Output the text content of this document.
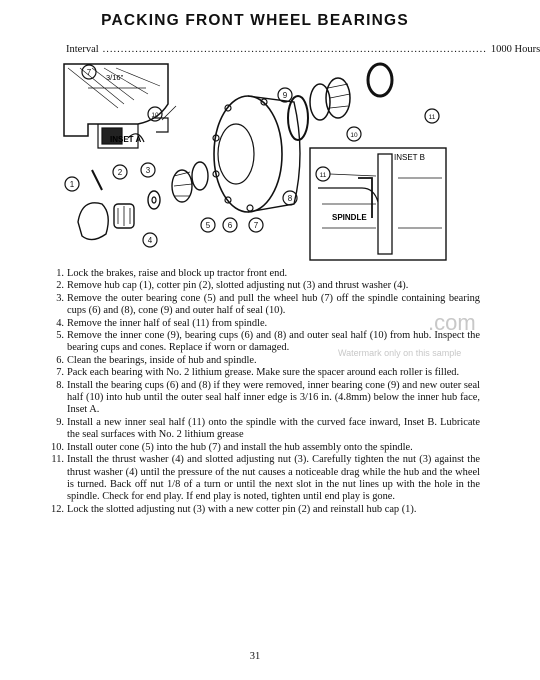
PACKING FRONT WHEEL BEARINGS
Interval .......................................................................................................... 1000 Hours
7
10
9
10
11
1
2	3
4
5 6	7
8
11
3/16"
INSET A
INSET B
SPINDLE
1. Lock the brakes, raise and block up tractor front end.
2. Remove hub cap (1), cotter pin (2), slotted adjusting nut (3) and thrust washer (4).
3. Remove the outer bearing cone (5) and pull the wheel hub (7) off the spindle containing bearing cups (6) and (8), cone (9) and outer half of seal (10).
4. Remove the inner half of seal (11) from spindle.
5. Remove the inner cone (9), bearing cups (6) and (8) and outer seal half (10) from hub. Inspect the bearing cups and cones. Replace if worn or damaged.
6. Clean the bearings, inside of hub and spindle.
7. Pack each bearing with No. 2 lithium grease. Make sure the spacer around each roller is filled.
8. Install the bearing cups (6) and (8) if they were removed, inner bearing cone (9) and new outer seal half (10) into hub until the outer seal half inner edge is 3/16 in. (4.8mm) below the inner hub face, Inset A.
9. Install a new inner seal half (11) onto the spindle with the curved face inward, Inset B. Lubricate the seal surfaces with No. 2 lithium grease
10. Install outer cone (5) into the hub (7) and install the hub assembly onto the spindle.
11. Install the thrust washer (4) and slotted adjusting nut (3). Carefully tighten the nut (3) against the thrust washer (4) until the pressure of the nut causes a noticeable drag while the hub and the wheel is turned. Back off nut 1/8 of a turn or until the next slot in the nut lines up with the hole in the spindle. Check for end play. If end play is noted, tighten until end play is gone.
12. Lock the slotted adjusting nut (3) with a new cotter pin (2) and reinstall hub cap (1).
.com
Watermark only on this sample
31
